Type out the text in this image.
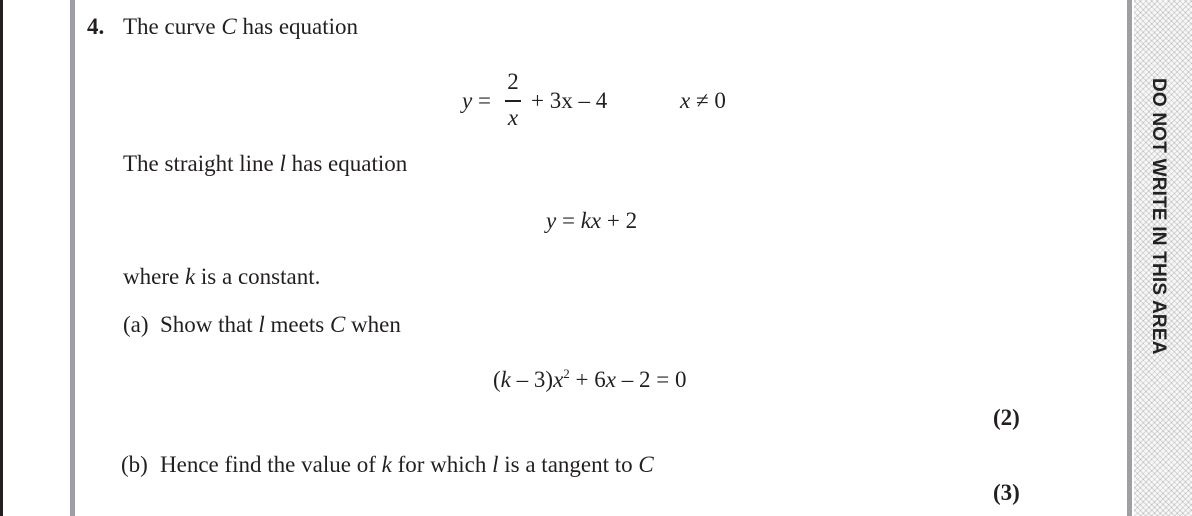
DO NOT WRITE IN THIS AREA
4. The curve C has equation
y =
2
x
+ 3x – 4	x ≠ 0
The straight line l has equation
y = kx + 2
where k is a constant.
(a) Show that l meets C when
$(k - 3)x^2 + 6x - 2 = 0$
(2)
(b) Hence find the value of k for which l is a tangent to C
(3)
